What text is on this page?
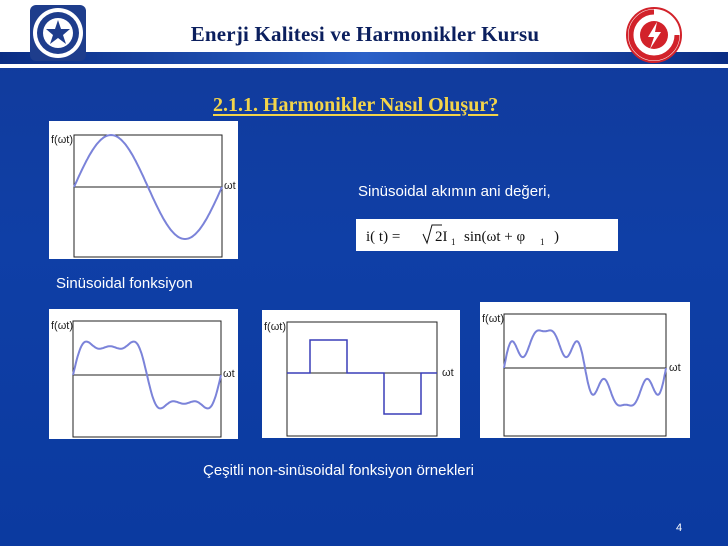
Enerji Kalitesi ve Harmonikler Kursu
2.1.1. Harmonikler Nasıl Oluşur?
f(ωt)
ωt
Sinüsoidal fonksiyon
Sinüsoidal akımın ani değeri,
i( t) = 2I 1 sin(ωt + φ 1 )
f(ωt)
ωt
f(ωt)
ωt
f(ωt)
ωt
Çeşitli non-sinüsoidal fonksiyon örnekleri
4
